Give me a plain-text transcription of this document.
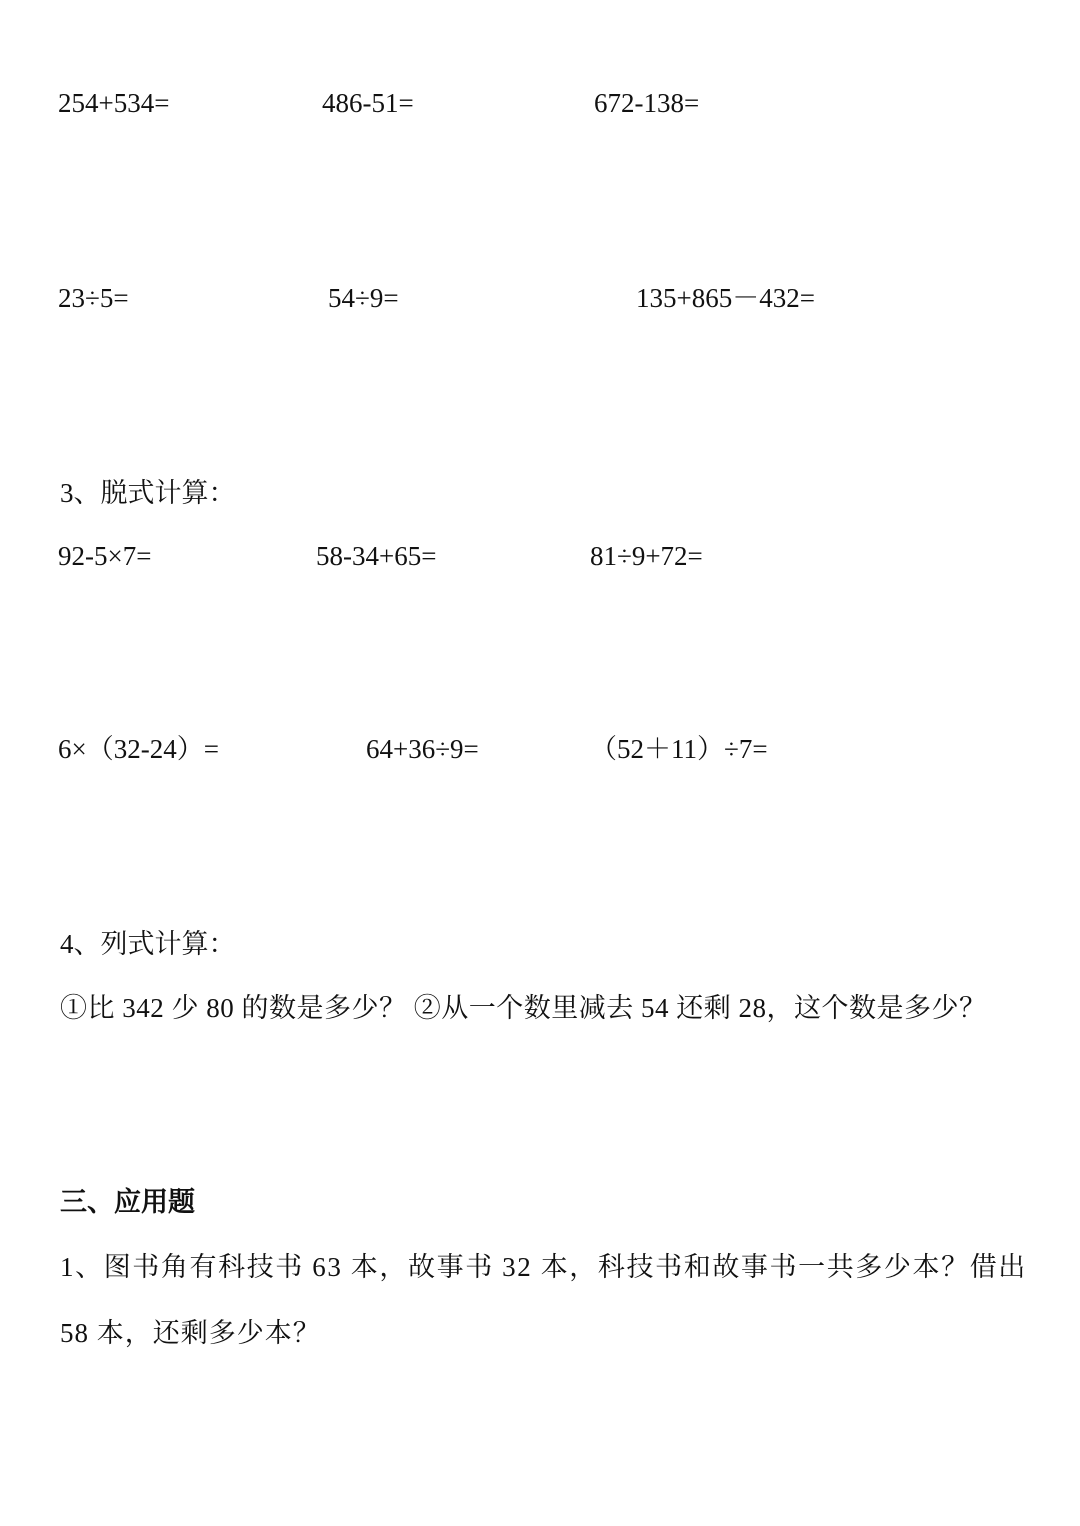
254+534=	486-51=	672-138=

23÷5=	54÷9=	135+865－432=

3、脱式计算：

92-5×7=	58-34+65=	81÷9+72=

6×（32-24）=	64+36÷9=	（52＋11）÷7=

4、列式计算：

①比 342 少 80 的数是多少？ ②从一个数里减去 54 还剩 28，这个数是多少？

三、应用题

1、图书角有科技书 63 本，故事书 32 本，科技书和故事书一共多少本？借出

58 本，还剩多少本？
